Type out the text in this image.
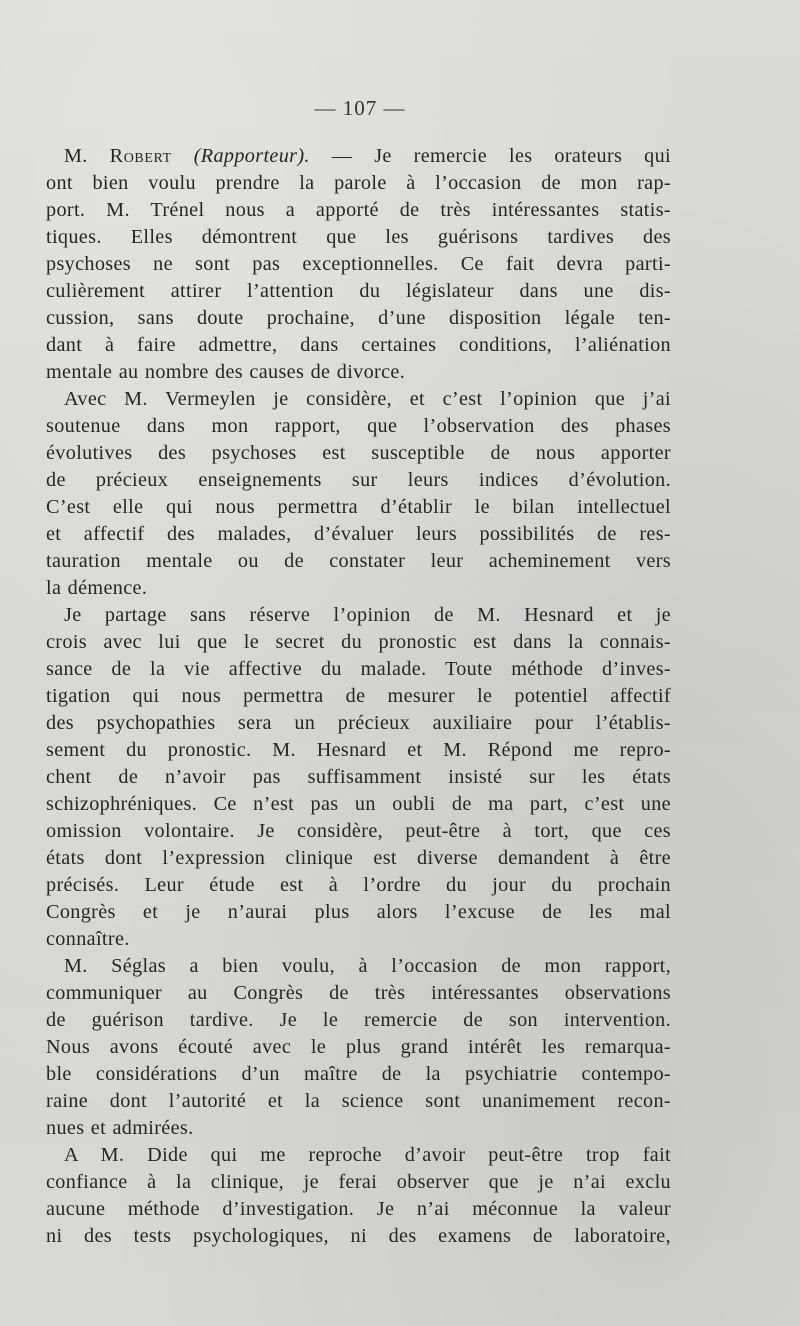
— 107 —
M. Robert (Rapporteur). — Je remercie les orateurs qui
ont bien voulu prendre la parole à l’occasion de mon rap-
port. M. Trénel nous a apporté de très intéressantes statis-
tiques. Elles démontrent que les guérisons tardives des
psychoses ne sont pas exceptionnelles. Ce fait devra parti-
culièrement attirer l’attention du législateur dans une dis-
cussion, sans doute prochaine, d’une disposition légale ten-
dant à faire admettre, dans certaines conditions, l’aliénation
mentale au nombre des causes de divorce.
Avec M. Vermeylen je considère, et c’est l’opinion que j’ai
soutenue dans mon rapport, que l’observation des phases
évolutives des psychoses est susceptible de nous apporter
de précieux enseignements sur leurs indices d’évolution.
C’est elle qui nous permettra d’établir le bilan intellectuel
et affectif des malades, d’évaluer leurs possibilités de res-
tauration mentale ou de constater leur acheminement vers
la démence.
Je partage sans réserve l’opinion de M. Hesnard et je
crois avec lui que le secret du pronostic est dans la connais-
sance de la vie affective du malade. Toute méthode d’inves-
tigation qui nous permettra de mesurer le potentiel affectif
des psychopathies sera un précieux auxiliaire pour l’établis-
sement du pronostic. M. Hesnard et M. Répond me repro-
chent de n’avoir pas suffisamment insisté sur les états
schizophréniques. Ce n’est pas un oubli de ma part, c’est une
omission volontaire. Je considère, peut-être à tort, que ces
états dont l’expression clinique est diverse demandent à être
précisés. Leur étude est à l’ordre du jour du prochain
Congrès et je n’aurai plus alors l’excuse de les mal
connaître.
M. Séglas a bien voulu, à l’occasion de mon rapport,
communiquer au Congrès de très intéressantes observations
de guérison tardive. Je le remercie de son intervention.
Nous avons écouté avec le plus grand intérêt les remarqua-
ble considérations d’un maître de la psychiatrie contempo-
raine dont l’autorité et la science sont unanimement recon-
nues et admirées.
A M. Dide qui me reproche d’avoir peut-être trop fait
confiance à la clinique, je ferai observer que je n’ai exclu
aucune méthode d’investigation. Je n’ai méconnue la valeur
ni des tests psychologiques, ni des examens de laboratoire,
